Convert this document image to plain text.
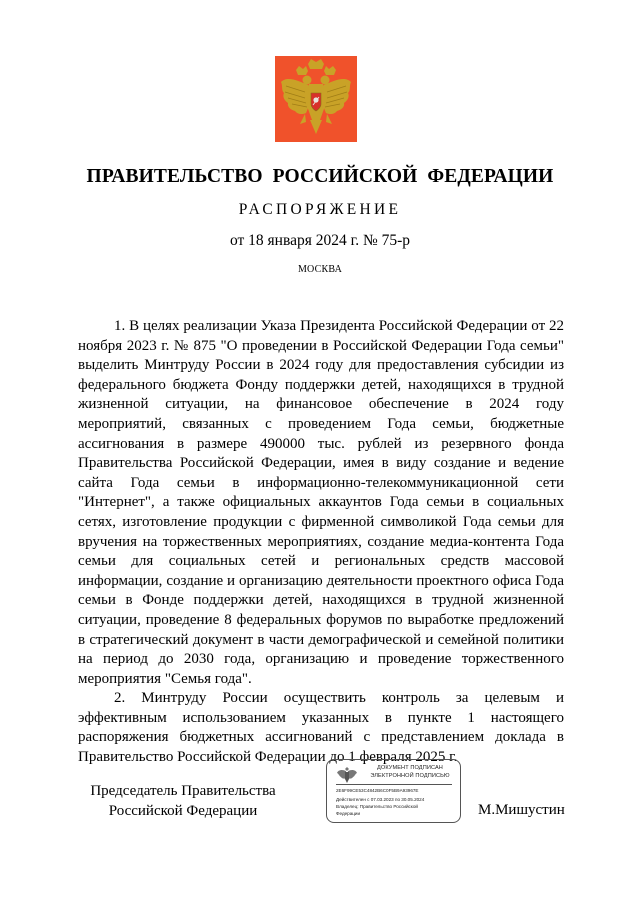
ПРАВИТЕЛЬСТВО РОССИЙСКОЙ ФЕДЕРАЦИИ
РАСПОРЯЖЕНИЕ
от 18 января 2024 г. № 75-р
МОСКВА

1. В целях реализации Указа Президента Российской Федерации от 22 ноября 2023 г. № 875 "О проведении в Российской Федерации Года семьи" выделить Минтруду России в 2024 году для предоставления субсидии из федерального бюджета Фонду поддержки детей, находящихся в трудной жизненной ситуации, на финансовое обеспечение в 2024 году мероприятий, связанных с проведением Года семьи, бюджетные ассигнования в размере 490000 тыс. рублей из резервного фонда Правительства Российской Федерации, имея в виду создание и ведение сайта Года семьи в информационно-телекоммуникационной сети "Интернет", а также официальных аккаунтов Года семьи в социальных сетях, изготовление продукции с фирменной символикой Года семьи для вручения на торжественных мероприятиях, создание медиа-контента Года семьи для социальных сетей и региональных средств массовой информации, создание и организацию деятельности проектного офиса Года семьи в Фонде поддержки детей, находящихся в трудной жизненной ситуации, проведение 8 федеральных форумов по выработке предложений в стратегический документ в части демографической и семейной политики на период до 2030 года, организацию и проведение торжественного мероприятия "Семья года".

2. Минтруду России осуществить контроль за целевым и эффективным использованием указанных в пункте 1 настоящего распоряжения бюджетных ассигнований с представлением доклада в Правительство Российской Федерации до 1 февраля 2025 г.

Председатель Правительства
Российской Федерации
ДОКУМЕНТ ПОДПИСАН
ЭЛЕКТРОННОЙ ПОДПИСЬЮ
2E6F99CE53C4842B6C0F5B9A93967E
Действителен с 07.03.2023 по 30.05.2024
Владелец: Правительство Российской
Федерации	М.Мишустин
